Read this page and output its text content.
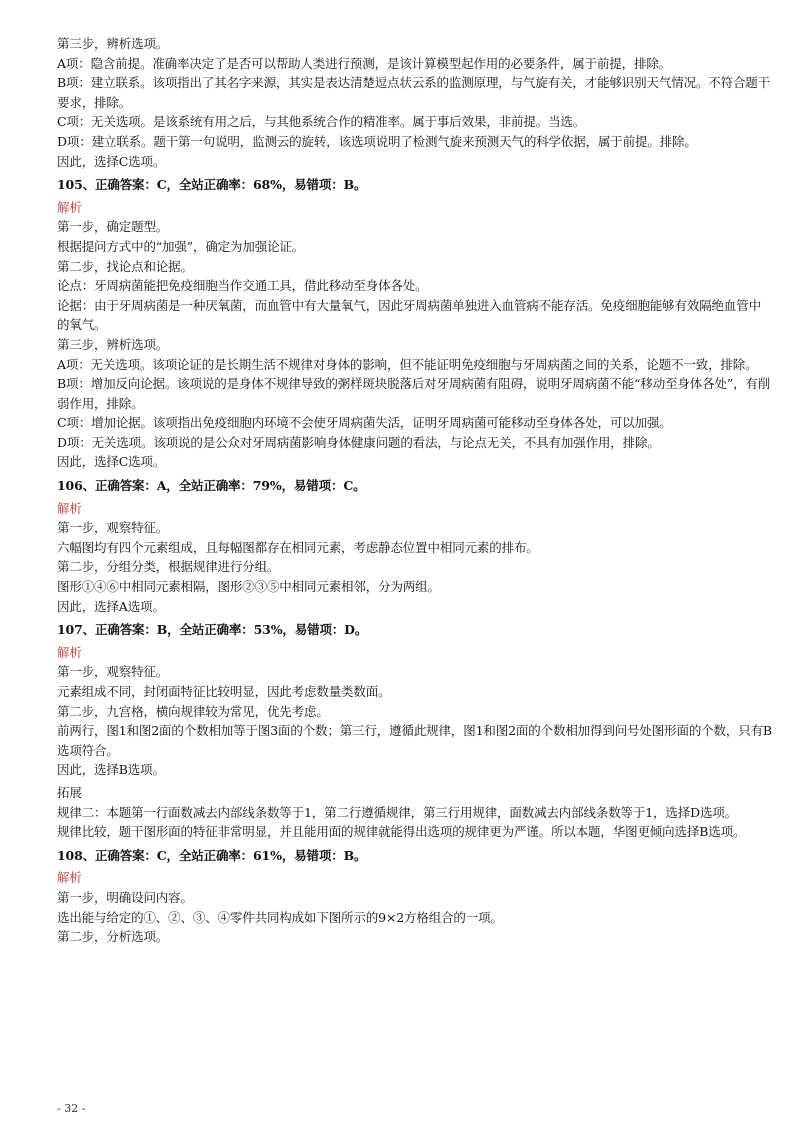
第三步，辨析选项。

A项：隐含前提。准确率决定了是否可以帮助人类进行预测，是该计算模型起作用的必要条件，属于前提，排除。

B项：建立联系。该项指出了其名字来源，其实是表达清楚逗点状云系的监测原理，与气旋有关，才能够识别天气情况。不符合题干要求，排除。

C项：无关选项。是该系统有用之后，与其他系统合作的精准率。属于事后效果，非前提。当选。

D项：建立联系。题干第一句说明，监测云的旋转，该选项说明了检测气旋来预测天气的科学依据，属于前提。排除。

因此，选择C选项。

105、正确答案：C，全站正确率：68%，易错项：B。

解析

第一步，确定题型。

根据提问方式中的“加强”，确定为加强论证。

第二步，找论点和论据。

论点：牙周病菌能把免疫细胞当作交通工具，借此移动至身体各处。

论据：由于牙周病菌是一种厌氧菌，而血管中有大量氧气，因此牙周病菌单独进入血管病不能存活。免疫细胞能够有效隔绝血管中的氧气。

第三步，辨析选项。

A项：无关选项。该项论证的是长期生活不规律对身体的影响，但不能证明免疫细胞与牙周病菌之间的关系，论题不一致，排除。

B项：增加反向论据。该项说的是身体不规律导致的粥样斑块脱落后对牙周病菌有阻碍，说明牙周病菌不能“移动至身体各处”，有削弱作用，排除。

C项：增加论据。该项指出免疫细胞内环境不会使牙周病菌失活，证明牙周病菌可能移动至身体各处，可以加强。

D项：无关选项。该项说的是公众对牙周病菌影响身体健康问题的看法，与论点无关，不具有加强作用，排除。

因此，选择C选项。

106、正确答案：A，全站正确率：79%，易错项：C。

解析

第一步，观察特征。

六幅图均有四个元素组成，且每幅图都存在相同元素，考虑静态位置中相同元素的排布。

第二步，分组分类，根据规律进行分组。

图形①④⑥中相同元素相隔，图形②③⑤中相同元素相邻，分为两组。

因此，选择A选项。

107、正确答案：B，全站正确率：53%，易错项：D。

解析

第一步，观察特征。

元素组成不同，封闭面特征比较明显，因此考虑数量类数面。

第二步，九宫格，横向规律较为常见，优先考虑。

前两行，图1和图2面的个数相加等于图3面的个数；第三行，遵循此规律，图1和图2面的个数相加得到问号处图形面的个数，只有B选项符合。

因此，选择B选项。

拓展

规律二：本题第一行面数减去内部线条数等于1，第二行遵循规律，第三行用规律，面数减去内部线条数等于1，选择D选项。

规律比较，题干图形面的特征非常明显，并且能用面的规律就能得出选项的规律更为严谨。所以本题，华图更倾向选择B选项。

108、正确答案：C，全站正确率：61%，易错项：B。

解析

第一步，明确设问内容。

选出能与给定的①、②、③、④零件共同构成如下图所示的9×2方格组合的一项。

第二步，分析选项。

- 32 -
